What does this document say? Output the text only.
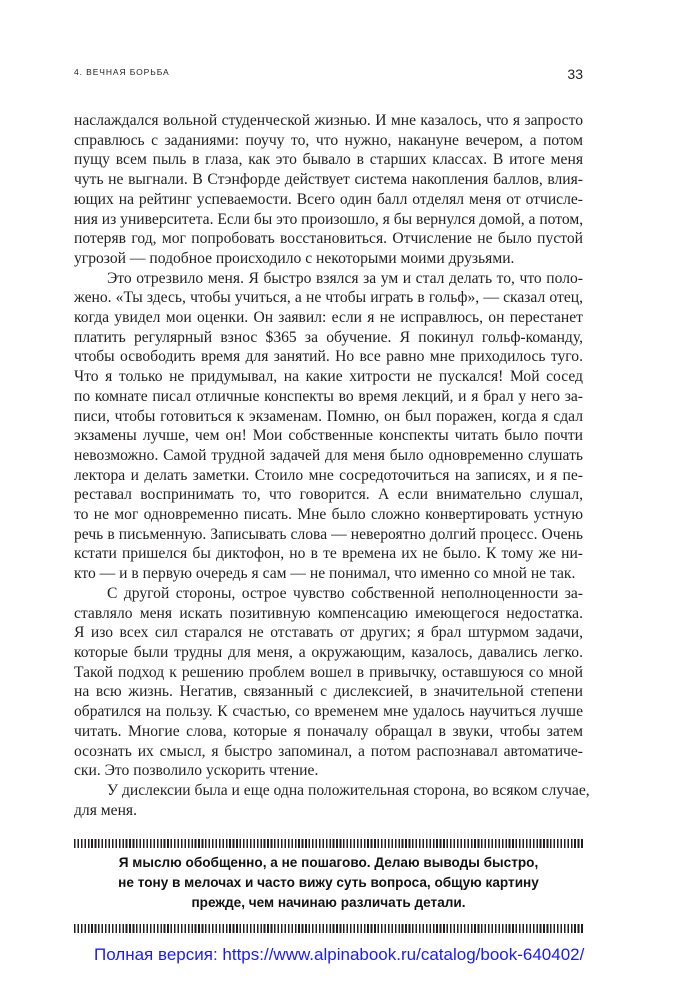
4. ВЕЧНАЯ БОРЬБА	33
наслаждался вольной студенческой жизнью. И мне казалось, что я запросто
справлюсь с заданиями: поучу то, что нужно, накануне вечером, а потом
пущу всем пыль в глаза, как это бывало в старших классах. В итоге меня
чуть не выгнали. В Стэнфорде действует система накопления баллов, влия-
ющих на рейтинг успеваемости. Всего один балл отделял меня от отчисле-
ния из университета. Если бы это произошло, я бы вернулся домой, а потом,
потеряв год, мог попробовать восстановиться. Отчисление не было пустой
угрозой — подобное происходило с некоторыми моими друзьями.
Это отрезвило меня. Я быстро взялся за ум и стал делать то, что поло-
жено. «Ты здесь, чтобы учиться, а не чтобы играть в гольф», — сказал отец,
когда увидел мои оценки. Он заявил: если я не исправлюсь, он перестанет
платить регулярный взнос $365 за обучение. Я покинул гольф-команду,
чтобы освободить время для занятий. Но все равно мне приходилось туго.
Что я только не придумывал, на какие хитрости не пускался! Мой сосед
по комнате писал отличные конспекты во время лекций, и я брал у него за-
писи, чтобы готовиться к экзаменам. Помню, он был поражен, когда я сдал
экзамены лучше, чем он! Мои собственные конспекты читать было почти
невозможно. Самой трудной задачей для меня было одновременно слушать
лектора и делать заметки. Стоило мне сосредоточиться на записях, и я пе-
реставал воспринимать то, что говорится. А если внимательно слушал,
то не мог одновременно писать. Мне было сложно конвертировать устную
речь в письменную. Записывать слова — невероятно долгий процесс. Очень
кстати пришелся бы диктофон, но в те времена их не было. К тому же ни-
кто — и в первую очередь я сам — не понимал, что именно со мной не так.
С другой стороны, острое чувство собственной неполноценности за-
ставляло меня искать позитивную компенсацию имеющегося недостатка.
Я изо всех сил старался не отставать от других; я брал штурмом задачи,
которые были трудны для меня, а окружающим, казалось, давались легко.
Такой подход к решению проблем вошел в привычку, оставшуюся со мной
на всю жизнь. Негатив, связанный с дислексией, в значительной степени
обратился на пользу. К счастью, со временем мне удалось научиться лучше
читать. Многие слова, которые я поначалу обращал в звуки, чтобы затем
осознать их смысл, я быстро запоминал, а потом распознавал автоматиче-
ски. Это позволило ускорить чтение.
У дислексии была и еще одна положительная сторона, во всяком случае,
для меня.
Я мыслю обобщенно, а не пошагово. Делаю выводы быстро,
не тону в мелочах и часто вижу суть вопроса, общую картину
прежде, чем начинаю различать детали.
Полная версия: https://www.alpinabook.ru/catalog/book-640402/
